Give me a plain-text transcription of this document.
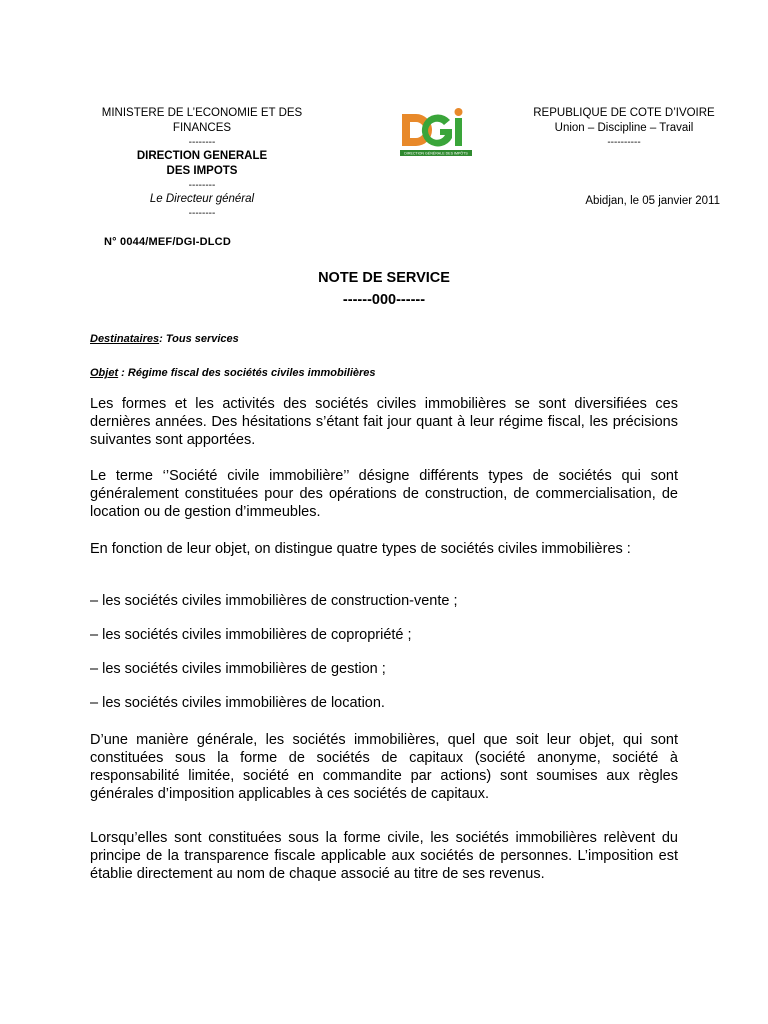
MINISTERE DE L’ECONOMIE ET DES
FINANCES
--------
DIRECTION GENERALE
DES IMPOTS
--------
Le Directeur général
--------
DIRECTION GÉNÉRALE DES IMPÔTS
REPUBLIQUE DE COTE D’IVOIRE
Union – Discipline – Travail
----------
Abidjan, le 05 janvier 2011
N° 0044/MEF/DGI-DLCD
NOTE DE SERVICE
------000------
Destinataires: Tous services
Objet : Régime fiscal des sociétés civiles immobilières

Les formes et les activités des sociétés civiles immobilières se sont diversifiées ces dernières années. Des hésitations s’étant fait jour quant à leur régime fiscal, les précisions suivantes sont apportées.

Le terme ‘’Société civile immobilière’’ désigne différents types de sociétés qui sont généralement constituées pour des opérations de construction, de commercialisation, de location ou de gestion d’immeubles.

En fonction de leur objet, on distingue quatre types de sociétés civiles immobilières :

– les sociétés civiles immobilières de construction-vente ;
– les sociétés civiles immobilières de copropriété ;
– les sociétés civiles immobilières de gestion ;
– les sociétés civiles immobilières de location.

D’une manière générale, les sociétés immobilières, quel que soit leur objet, qui sont constituées sous la forme de sociétés de capitaux (société anonyme, société à responsabilité limitée, société en commandite par actions) sont soumises aux règles générales d’imposition applicables à ces sociétés de capitaux.

Lorsqu’elles sont constituées sous la forme civile, les sociétés immobilières relèvent du principe de la transparence fiscale applicable aux sociétés de personnes. L’imposition est établie directement au nom de chaque associé au titre de ses revenus.
